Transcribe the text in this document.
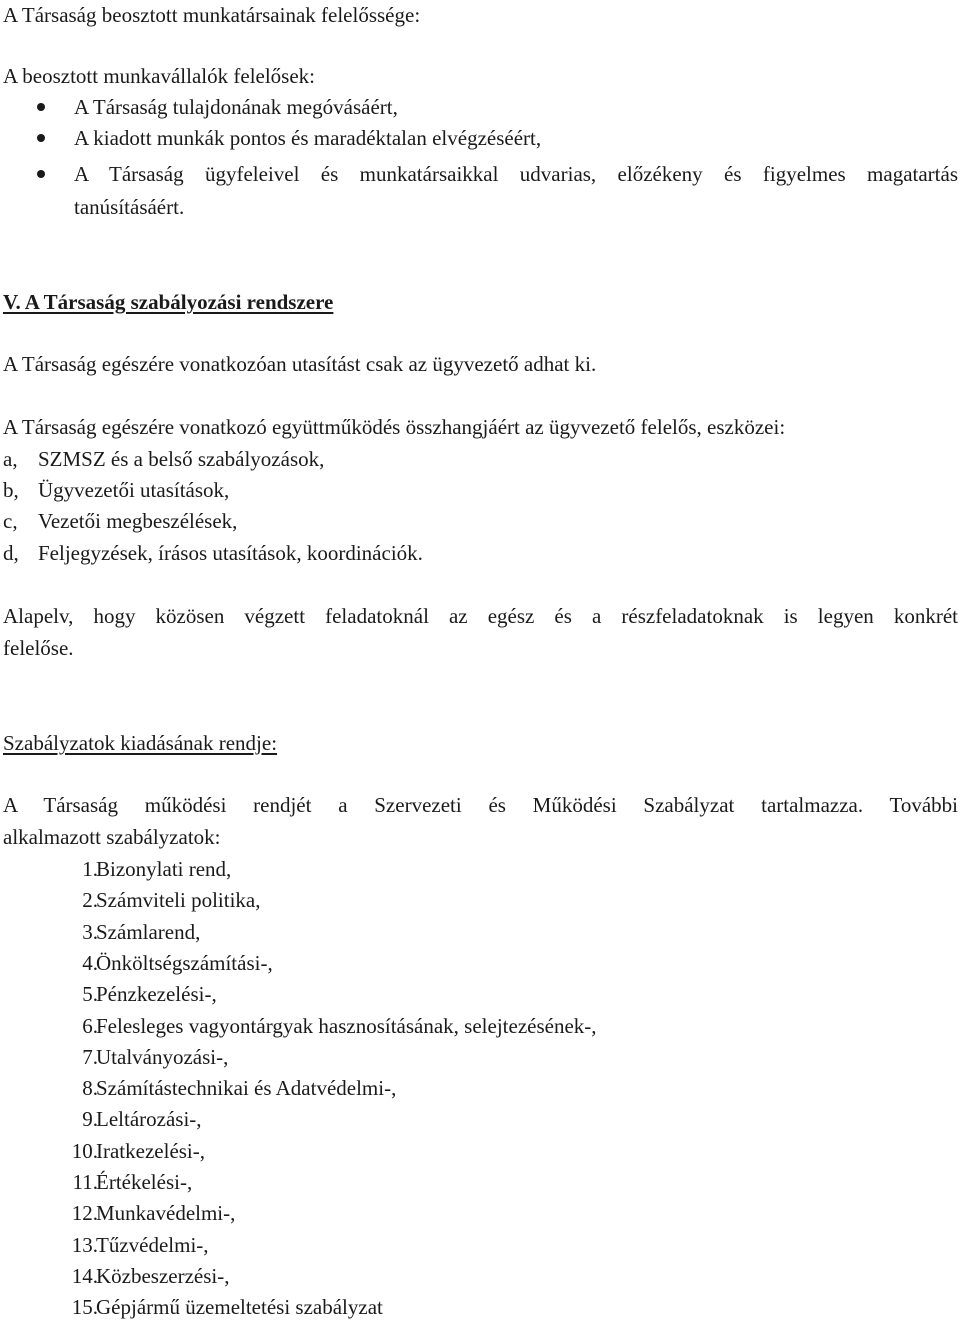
A Társaság beosztott munkatársainak felelőssége:
A beosztott munkavállalók felelősek:
A Társaság tulajdonának megóvásáért,
A kiadott munkák pontos és maradéktalan elvégzéséért,
A Társaság ügyfeleivel és munkatársaikkal udvarias, előzékeny és figyelmes magatartás
tanúsításáért.
V. A Társaság szabályozási rendszere
A Társaság egészére vonatkozóan utasítást csak az ügyvezető adhat ki.
A Társaság egészére vonatkozó együttműködés összhangjáért az ügyvezető felelős, eszközei:
a, SZMSZ és a belső szabályozások,
b, Ügyvezetői utasítások,
c, Vezetői megbeszélések,
d, Feljegyzések, írásos utasítások, koordinációk.
Alapelv, hogy közösen végzett feladatoknál az egész és a részfeladatoknak is legyen konkrét
felelőse.
Szabályzatok kiadásának rendje:
A Társaság működési rendjét a Szervezeti és Működési Szabályzat tartalmazza. További
alkalmazott szabályzatok:
1.
Bizonylati rend,
2.
Számviteli politika,
3.
Számlarend,
4.
Önköltségszámítási-,
5.
Pénzkezelési-,
6.
Felesleges vagyontárgyak hasznosításának, selejtezésének-,
7.
Utalványozási-,
8.
Számítástechnikai és Adatvédelmi-,
9.
Leltározási-,
10.
Iratkezelési-,
11.
Értékelési-,
12.
Munkavédelmi-,
13.
Tűzvédelmi-,
14.
Közbeszerzési-,
15.
Gépjármű üzemeltetési szabályzat
